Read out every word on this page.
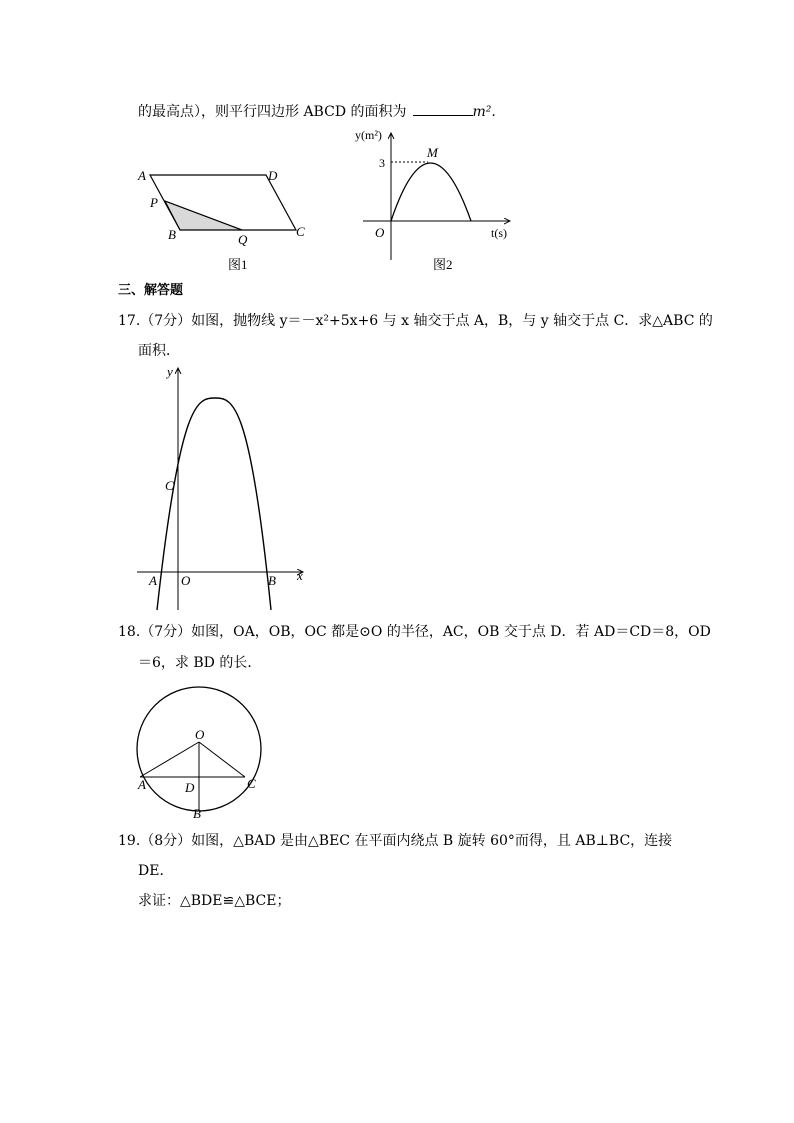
的最高点），则平行四边形 ABCD 的面积为	m².
A	D
P
B	Q
C
图1
y(m²)
3
M
O	t(s)
图2
三、解答题
17.（7分）如图，抛物线 y＝－x²+5x+6 与 x 轴交于点 A，B，与 y 轴交于点 C．求△ABC 的
面积．
y
C
A O	B x
18.（7分）如图，OA，OB，OC 都是⊙O 的半径，AC，OB 交于点 D．若 AD＝CD＝8，OD
＝6，求 BD 的长．
O
A	C
D
B
19.（8分）如图，△BAD 是由△BEC 在平面内绕点 B 旋转 60°而得，且 AB⊥BC，连接
DE．
求证：△BDE≌△BCE；
